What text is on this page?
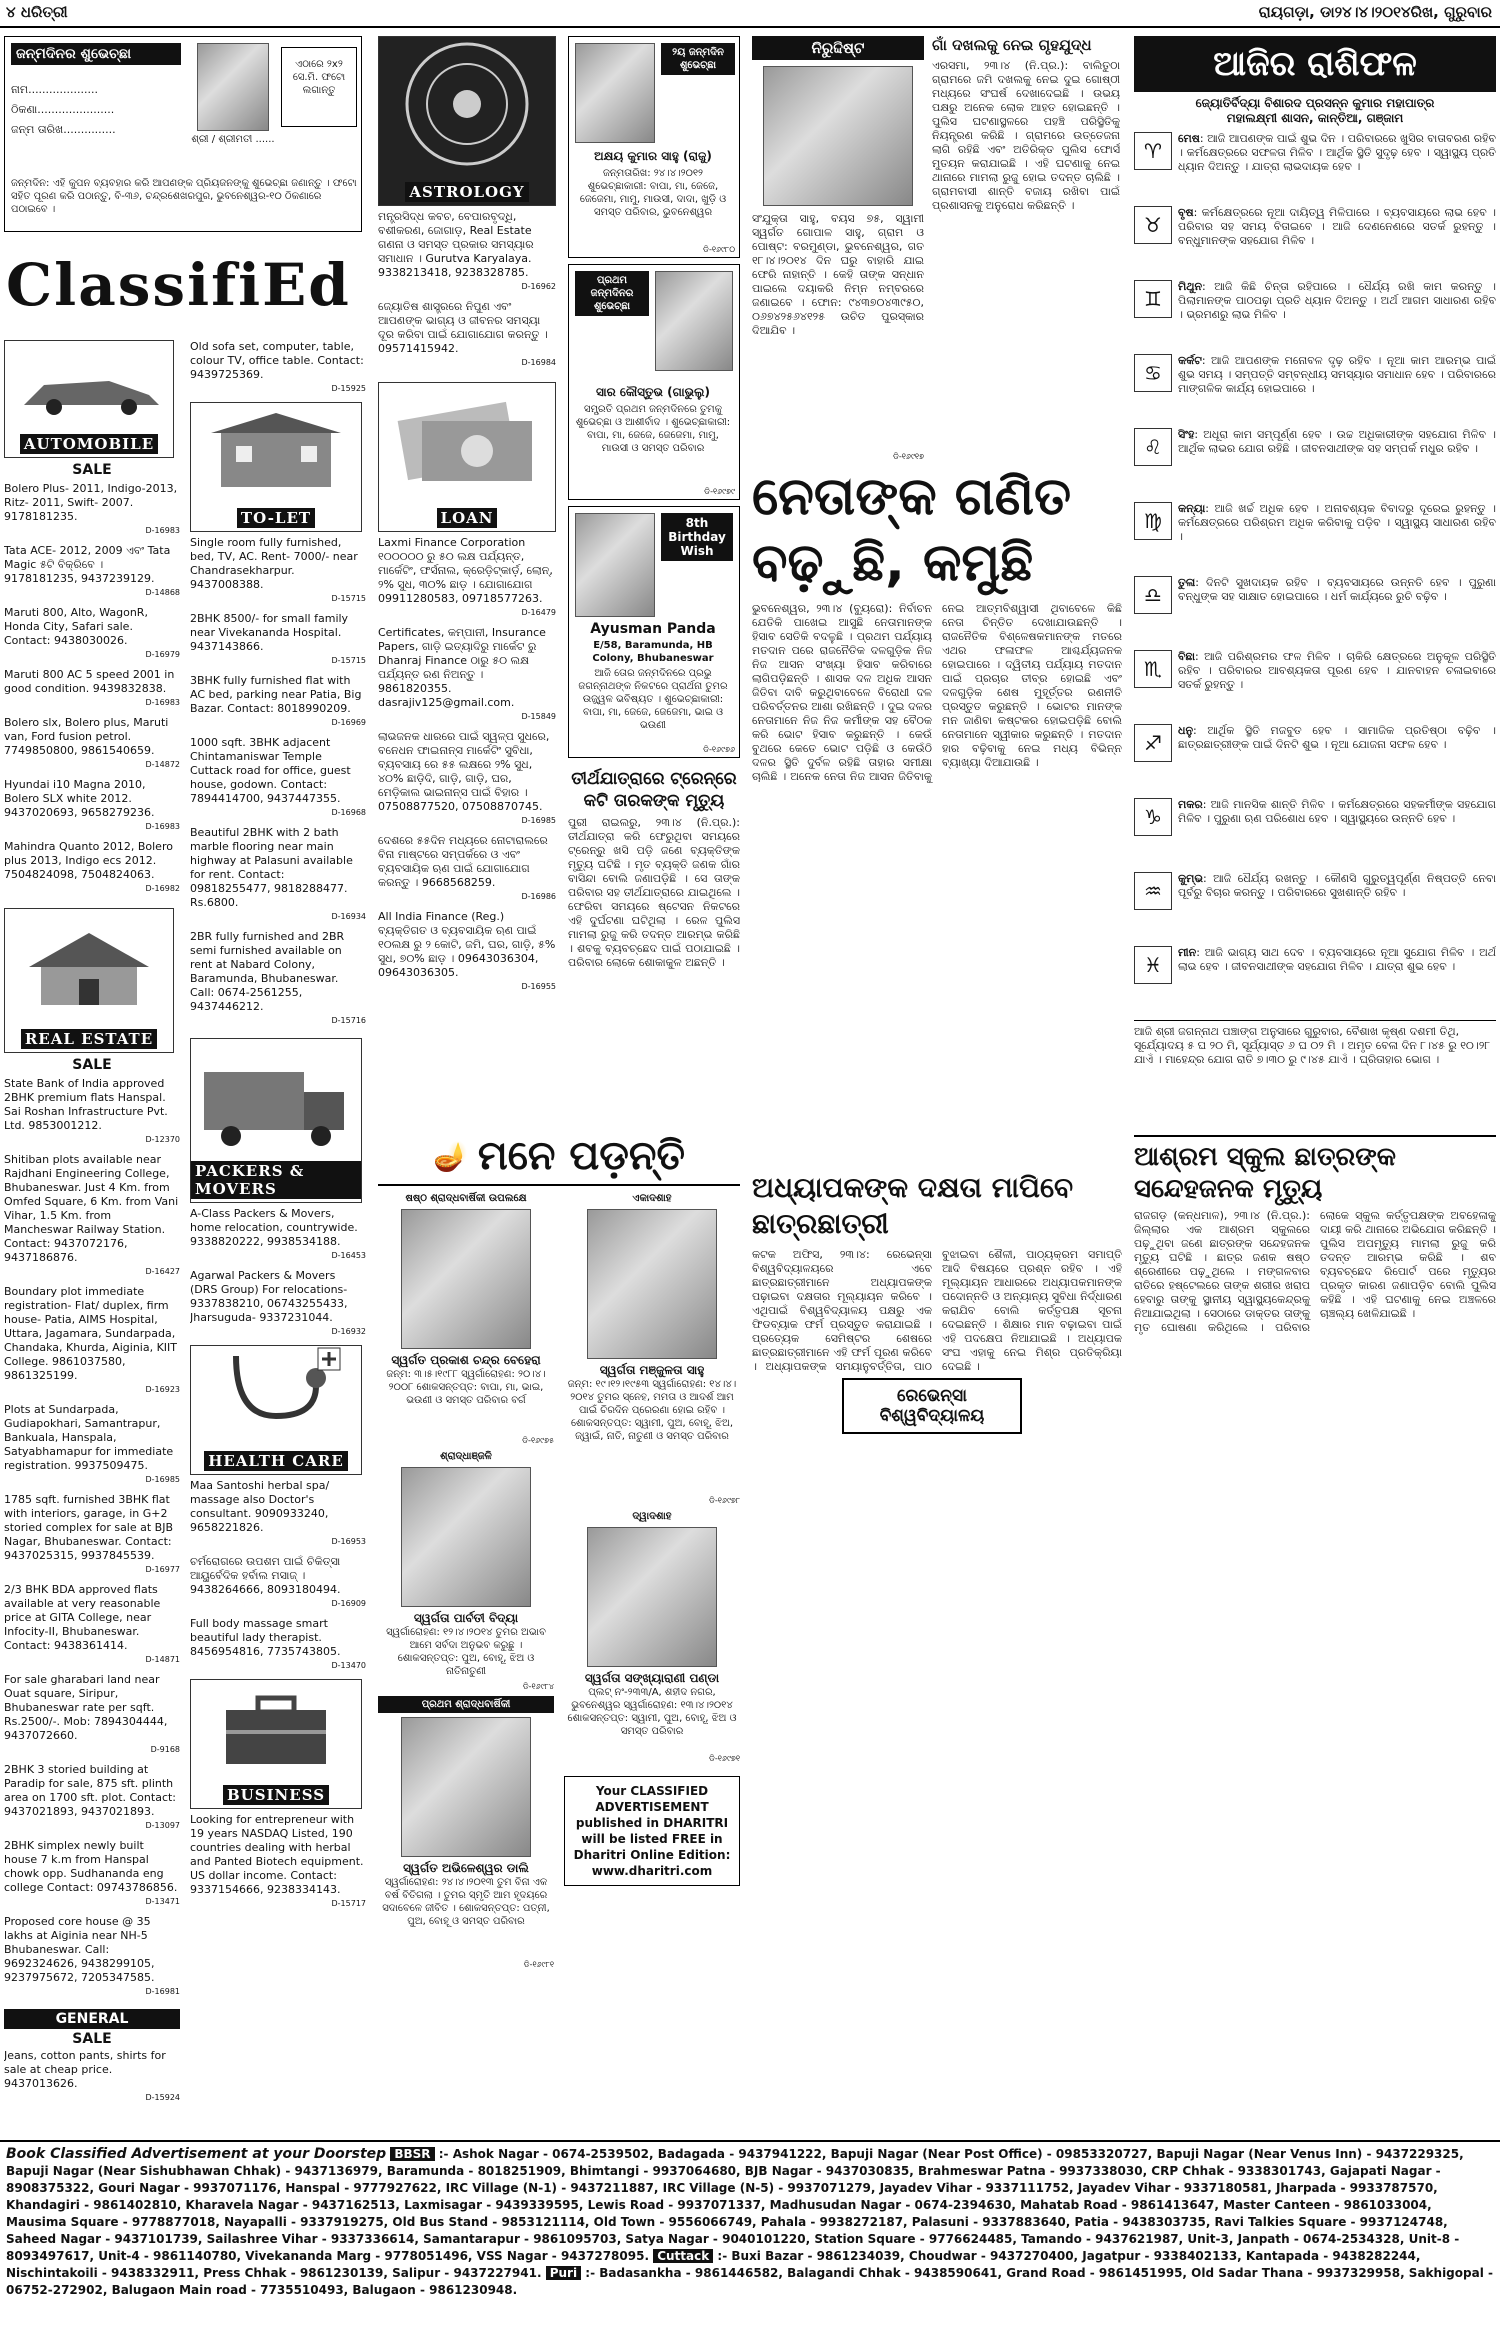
୪ ଧରିତ୍ରୀ	ରାୟଗଡ଼ା, ଡା୨୪।୪।୨୦୧୪ରିଖ, ଗୁରୁବାର
ଜନ୍ମଦିନର ଶୁଭେଚ୍ଛା
ନାମ....................
ଠିକଣା......................
ଜନ୍ମ ତାରିଖ...............
ଶ୍ରୀ / ଶ୍ରୀମତୀ ......
ଏଠାରେ ୨x୨ ସେ.ମି. ଫଟୋ ଲଗାନ୍ତୁ
ଜନ୍ମଦିନ: ଏହି କୁପନ ବ୍ୟବହାର କରି ଆପଣଙ୍କ ପ୍ରିୟଜନଙ୍କୁ ଶୁଭେଚ୍ଛା ଜଣାନ୍ତୁ । ଫଟୋ ସହିତ ପୂରଣ କରି ପଠାନ୍ତୁ, ବି-୩୬, ଚନ୍ଦ୍ରଶେଖରପୁର, ଭୁବନେଶ୍ୱର-୧୦ ଠିକଣାରେ ପଠାଇବେ ।
ClassifiEd
AUTOMOBILE
SALE

Bolero Plus- 2011, Indigo-2013, Ritz- 2011, Swift- 2007. 9178181235.

D-16983

Tata ACE- 2012, 2009 ଏବଂ Tata Magic ୫ଟି ବିକ୍ରିବେ । 9178181235, 9437239129.

D-14868

Maruti 800, Alto, WagonR, Honda City, Safari sale. Contact: 9438030026.

D-16979

Maruti 800 AC 5 speed 2001 in good condition. 9439832838.

D-16983

Bolero slx, Bolero plus, Maruti van, Ford fusion petrol. 7749850800, 9861540659.

D-14872

Hyundai i10 Magna 2010, Bolero SLX white 2012. 9437020693, 9658279236.

D-16983

Mahindra Quanto 2012, Bolero plus 2013, Indigo ecs 2012. 7504824098, 7504824063.

D-16982

REAL ESTATE
SALE

State Bank of India approved 2BHK premium flats Hanspal. Sai Roshan Infrastructure Pvt. Ltd. 9853001212.

D-12370

Shitiban plots available near Rajdhani Engineering College, Bhubaneswar. Just 4 Km. from Omfed Square, 6 Km. from Vani Vihar, 1.5 Km. from Mancheswar Railway Station. Contact: 9437072176, 9437186876.

D-16427

Boundary plot immediate registration- Flat/ duplex, firm house- Patia, AIMS Hospital, Uttara, Jagamara, Sundarpada, Chandaka, Khurda, Aiginia, KIIT College. 9861037580, 9861325199.

D-16923

Plots at Sundarpada, Gudiapokhari, Samantrapur, Bankuala, Hanspala, Satyabhamapur for immediate registration. 9937509475.

D-16985

1785 sqft. furnished 3BHK flat with interiors, garage, in G+2 storied complex for sale at BJB Nagar, Bhubaneswar. Contact: 9437025315, 9937845539.

D-16977

2/3 BHK BDA approved flats available at very reasonable price at GITA College, near Infocity-II, Bhubaneswar. Contact: 9438361414.

D-14871

For sale gharabari land near Ouat square, Siripur, Bhubaneswar rate per sqft. Rs.2500/-. Mob: 7894304444, 9437072660.

D-9168

2BHK 3 storied building at Paradip for sale, 875 sft. plinth area on 1700 sft. plot. Contact: 9437021893, 9437021893.

D-13097

2BHK simplex newly built house 7 k.m from Hanspal chowk opp. Sudhananda eng college Contact: 09743786856.

D-13471

Proposed core house @ 35 lakhs at Aiginia near NH-5 Bhubaneswar. Call: 9692324626, 9438299105, 9237975672, 7205347585.

D-16981

GENERAL
SALE

Jeans, cotton pants, shirts for sale at cheap price. 9437013626.

D-15924

Old sofa set, computer, table, colour TV, office table. Contact: 9439725369.

D-15925

TO-LET

Single room fully furnished, bed, TV, AC. Rent- 7000/- near Chandrasekharpur. 9437008388.

D-15715

2BHK 8500/- for small family near Vivekananda Hospital. 9437143866.

D-15715

3BHK fully furnished flat with AC bed, parking near Patia, Big Bazar. Contact: 8018990209.

D-16969

1000 sqft. 3BHK adjacent Chintamaniswar Temple Cuttack road for office, guest house, godown. Contact: 7894414700, 9437447355.

D-16968

Beautiful 2BHK with 2 bath marble flooring near main highway at Palasuni available for rent. Contact: 09818255477, 9818288477. Rs.6800.

D-16934

2BR fully furnished and 2BR semi furnished available on rent at Nabard Colony, Baramunda, Bhubaneswar. Call: 0674-2561255, 9437446212.

D-15716

PACKERS & MOVERS

A-Class Packers & Movers, home relocation, countrywide. 9338820222, 9938534188.

D-16453

Agarwal Packers & Movers (DRS Group) For relocations- 9337838210, 06743255433, Jharsuguda- 9337231044.

D-16932

HEALTH CARE

Maa Santoshi herbal spa/ massage also Doctor's consultant. 9090933240, 9658221826.

D-16953

ଚର୍ମରୋଗରେ ଉପଶମ ପାଇଁ ଚିକିତ୍ସା ଆୟୁର୍ବେଦିକ ହର୍ବାଲ ମସାଜ୍ । 9438264666, 8093180494.

D-16909

Full body massage smart beautiful lady therapist. 8456954816, 7735743805.

D-13470

BUSINESS

Looking for entrepreneur with 19 years NASDAQ Listed, 190 countries dealing with herbal and Panted Biotech equipment. US dollar income. Contact: 9337154666, 9238334143.

D-15717

ASTROLOGY

ମନ୍ତ୍ରସିଦ୍ଧ କବଚ, ବେପାରବୃଦ୍ଧି, ବଶୀକରଣ, ଜୋଗାଡ଼, Real Estate ଗଣନା ଓ ସମସ୍ତ ପ୍ରକାର ସମସ୍ୟାର ସମାଧାନ । Gurutva Karyalaya. 9338213418, 9238328785.

D-16962

ଜ୍ୟୋତିଷ ଶାସ୍ତ୍ରରେ ନିପୁଣ ଏବଂ ଆପଣଙ୍କ ଭାଗ୍ୟ ଓ ଜୀବନର ସମସ୍ୟା ଦୂର କରିବା ପାଇଁ ଯୋଗାଯୋଗ କରନ୍ତୁ । 09571415942.

D-16984

LOAN

Laxmi Finance Corporation ୧୦୦୦୦୦ ରୁ ୫୦ ଲକ୍ଷ ପର୍ଯ୍ୟନ୍ତ, ମାର୍କେଟିଂ, ଫର୍ସନାଲ, କ୍ରେଡ଼ିଟ୍‌କାର୍ଡ଼, ଲୋନ୍, ୨% ସୁଧ, ୩୦% ଛାଡ଼ । ଯୋଗାଯୋଗ 09911280583, 09718577263.

D-16479

Certificates, କମ୍ପାନୀ, Insurance Papers, ଗାଡ଼ି ଇତ୍ୟାଦିରୁ ମାର୍କେଟ ରୁ Dhanraj Finance ଠାରୁ ୫୦ ଲକ୍ଷ ପର୍ଯ୍ୟନ୍ତ ରଣ ନିଅନ୍ତୁ । 9861820355. dasrajiv125@gmail.com.

D-15849

ଲାଭଜନକ ଧାରରେ ପାଇଁ ସ୍ୱଳ୍ପ ସୁଧରେ, ବନେଧନ ଫାଇନାନ୍ସ ମାର୍କେଟିଂ ସୁବିଧା, ବ୍ୟବସାୟ ରେ ୫୫ ଲକ୍ଷରେ ୨% ସୁଧ, ୪୦% ଛାଡ଼ିଦି, ଗାଡ଼ି, ଗାଡ଼ି, ଘର, ମେଡ଼ିକାଲ ଭାଇନାନ୍ସ ପାଇଁ ବିହାର । 07508877520, 07508870745.

D-16985

ଦେଶରେ ୫୫ଦିନ ମଧ୍ୟରେ ନୋଟାରାଲରେ ବିନା ମାଷ୍ଟରେ ସମ୍ପର୍କରେ ଓ ଏବଂ ବ୍ୟବସାୟିକ ଋଣ ପାଇଁ ଯୋଗାଯୋଗ କରନ୍ତୁ । 9668568259.

D-16986

All India Finance (Reg.) ବ୍ୟକ୍ତିଗତ ଓ ବ୍ୟବସାୟିକ ଋଣ ପାଇଁ ୧୦ଲକ୍ଷ ରୁ ୨ କୋଟି, ଜମି, ଘର, ଗାଡ଼ି, ୫% ସୁଧ, ୭୦% ଛାଡ଼ । 09643036304, 09643036305.

D-16955

୨ୟ ଜନ୍ମଦିନ ଶୁଭେଚ୍ଛା
ଅକ୍ଷୟ କୁମାର ସାହୁ (ରାଜୁ)
ଜନ୍ମତାରିଖ: ୨୪।୪।୨୦୧୨ ଶୁଭେଚ୍ଛାକାରୀ: ବାପା, ମା, ଜେଜେ, ଜେଜେମା, ମାମୁ, ମାଉସୀ, ଦାଦା, ଖୁଡ଼ି ଓ ସମସ୍ତ ପରିବାର, ଭୁବନେଶ୍ୱର
ଡି-୧୬୯୮୦
ପ୍ରଥମ ଜନ୍ମଦିନର ଶୁଭେଚ୍ଛା
ସାର କୌସ୍ତୁଭ (ଗାଭୁଲୁ)
ସମ୍ପ୍ରତି ପ୍ରଥମ ଜନ୍ମଦିନରେ ତୁମକୁ ଶୁଭେଚ୍ଛା ଓ ଆଶୀର୍ବାଦ । ଶୁଭେଚ୍ଛାକାରୀ: ବାପା, ମା, ଜେଜେ, ଜେଜେମା, ମାମୁ, ମାଉସୀ ଓ ସମସ୍ତ ପରିବାର
ଡି-୧୬୯୭୯
8th Birthday Wish
Ayusman Panda
E/58, Baramunda, HB Colony, Bhubaneswar
ଆଜି ତୋର ଜନ୍ମଦିନରେ ପ୍ରଭୁ ଜଗନ୍ନାଥଙ୍କ ନିକଟରେ ପ୍ରାର୍ଥନା ତୁମର ଉଜ୍ଜ୍ୱଳ ଭବିଷ୍ୟତ । ଶୁଭେଚ୍ଛାକାରୀ: ବାପା, ମା, ଜେଜେ, ଜେଜେମା, ଭାଇ ଓ ଭଉଣୀ
ଡି-୧୬୯୭୬
ତୀର୍ଥଯାତ୍ରାରେ ଟ୍ରେନ୍‌ରେ କଟି ତାରକଙ୍କ ମୃତ୍ୟୁ
ପୁରୀ ରାଇଲରୁ, ୨୩।୪ (ନି.ପ୍ର.): ତୀର୍ଥଯାତ୍ରା କରି ଫେରୁଥିବା ସମୟରେ ଟ୍ରେନ୍‌ରୁ ଖସି ପଡ଼ି ଜଣେ ବ୍ୟକ୍ତିଙ୍କ ମୃତ୍ୟୁ ଘଟିଛି । ମୃତ ବ୍ୟକ୍ତି ଜଣକ ଗାଁର ବାସିନ୍ଦା ବୋଲି ଜଣାପଡ଼ିଛି । ସେ ତାଙ୍କ ପରିବାର ସହ ତୀର୍ଥଯାତ୍ରାରେ ଯାଇଥିଲେ । ଫେରିବା ସମୟରେ ଷ୍ଟେସନ ନିକଟରେ ଏହି ଦୁର୍ଘଟଣା ଘଟିଥିଲା । ରେଳ ପୁଲିସ ମାମଲା ରୁଜୁ କରି ତଦନ୍ତ ଆରମ୍ଭ କରିଛି । ଶବକୁ ବ୍ୟବଚ୍ଛେଦ ପାଇଁ ପଠାଯାଇଛି । ପରିବାର ଲୋକେ ଶୋକାକୁଳ ଅଛନ୍ତି ।
🪔 ମନେ ପଡ଼ନ୍ତି
ଷଷ୍ଠ ଶ୍ରାଦ୍ଧବାର୍ଷିକୀ ଉପଲକ୍ଷେ
ସ୍ୱର୍ଗତ ପ୍ରକାଶ ଚନ୍ଦ୍ର ବେହେରା
ଜନ୍ମ: ୩।୫।୧୯୮୮ ସ୍ୱର୍ଗାରୋହଣ: ୨୦।୪।୨୦୦୮ ଶୋକସନ୍ତପ୍ତ: ବାପା, ମା, ଭାଇ, ଭଉଣୀ ଓ ସମସ୍ତ ପରିବାର ବର୍ଗ
ଡି-୧୬୯୭୫
ଶ୍ରାଦ୍ଧାଞ୍ଜଳି
ସ୍ୱର୍ଗତା ପାର୍ବତୀ ବିଦ୍ୟା
ସ୍ୱର୍ଗାରୋହଣ: ୧୨।୪।୨୦୧୪ ତୁମର ଅଭାବ ଆମେ ସର୍ବଦା ଅନୁଭବ କରୁଛୁ । ଶୋକସନ୍ତପ୍ତ: ପୁଅ, ବୋହୂ, ଝିଅ ଓ ନାତିନାତୁଣୀ
ଡି-୧୬୯୮୪
ପ୍ରଥମ ଶ୍ରାଦ୍ଧବାର୍ଷିକୀ
ସ୍ୱର୍ଗତ ଅଭିଳେଶ୍ୱର ଡାଲି
ସ୍ୱର୍ଗାରୋହଣ: ୨୪।୪।୨୦୧୩ ତୁମ ବିନା ଏକ ବର୍ଷ ବିତିଗଲା । ତୁମର ସ୍ମୃତି ଆମ ହୃଦୟରେ ସଦାବେଳେ ଜୀବିତ । ଶୋକସନ୍ତପ୍ତ: ପତ୍ନୀ, ପୁଅ, ବୋହୂ ଓ ସମସ୍ତ ପରିବାର
ଡି-୧୬୯୮୧
ଏକାଦଶାହ
ସ୍ୱର୍ଗତା ମଞ୍ଜୁଳତା ସାହୁ
ଜନ୍ମ: ୧୯।୧୨।୧୯୫୩ ସ୍ୱର୍ଗାରୋହଣ: ୧୪।୪।୨୦୧୪ ତୁମର ସ୍ନେହ, ମମତା ଓ ଆଦର୍ଶ ଆମ ପାଇଁ ଚିରଦିନ ପ୍ରେରଣା ହୋଇ ରହିବ । ଶୋକସନ୍ତପ୍ତ: ସ୍ୱାମୀ, ପୁଅ, ବୋହୂ, ଝିଅ, ଜ୍ୱାଇଁ, ନାତି, ନାତୁଣୀ ଓ ସମସ୍ତ ପରିବାର
ଡି-୧୬୯୭୮
ଦ୍ୱାଦଶାହ
ସ୍ୱର୍ଗତା ସଙ୍ଖ୍ୟାରାଣୀ ପଣ୍ଡା
ପ୍ଲଟ୍ ନଂ-୨୩୩/A, ଶହୀଦ ନଗର, ଭୁବନେଶ୍ୱର ସ୍ୱର୍ଗାରୋହଣ: ୧୩।୪।୨୦୧୪ ଶୋକସନ୍ତପ୍ତ: ସ୍ୱାମୀ, ପୁଅ, ବୋହୂ, ଝିଅ ଓ ସମସ୍ତ ପରିବାର
ଡି-୧୬୯୭୧
Your CLASSIFIED ADVERTISEMENT published in DHARITRI will be listed FREE in Dharitri Online Edition: www.dharitri.com
ନିରୁଦ୍ଦିଷ୍ଟ
ସଂଯୁକ୍ତା ସାହୁ, ବୟସ ୭୫, ସ୍ୱାମୀ ସ୍ୱର୍ଗତ ଗୋପାଳ ସାହୁ, ଗ୍ରାମ ଓ ପୋଷ୍ଟ: ବରମୁଣ୍ଡା, ଭୁବନେଶ୍ୱର, ଗତ ୧୮।୪।୨୦୧୪ ଦିନ ଘରୁ ବାହାରି ଯାଇ ଫେରି ନାହାନ୍ତି । କେହି ତାଙ୍କ ସନ୍ଧାନ ପାଇଲେ ଦୟାକରି ନିମ୍ନ ନମ୍ବରରେ ଜଣାଇବେ । ଫୋନ: ୯୪୩୭୦୪୩୯୫୦, ୦୬୭୪୨୫୬୪୧୨୫ ଉଚିତ ପୁରସ୍କାର ଦିଆଯିବ ।
ଡି-୧୬୯୧୭
ଗାଁ ଦଖଲକୁ ନେଇ ଗୃହଯୁଦ୍ଧ
ଏରସମା, ୨୩।୪ (ନି.ପ୍ର.): ବାଲିତୁଠା ଗ୍ରାମରେ ଜମି ଦଖଲକୁ ନେଇ ଦୁଇ ଗୋଷ୍ଠୀ ମଧ୍ୟରେ ସଂଘର୍ଷ ଦେଖାଦେଇଛି । ଉଭୟ ପକ୍ଷରୁ ଅନେକ ଲୋକ ଆହତ ହୋଇଛନ୍ତି । ପୁଲିସ ଘଟଣାସ୍ଥଳରେ ପହଞ୍ଚି ପରିସ୍ଥିତିକୁ ନିୟନ୍ତ୍ରଣ କରିଛି । ଗ୍ରାମରେ ଉତ୍ତେଜନା ଲାଗି ରହିଛି ଏବଂ ଅତିରିକ୍ତ ପୁଲିସ ଫୋର୍ସ ମୁତୟନ କରାଯାଇଛି । ଏହି ଘଟଣାକୁ ନେଇ ଥାନାରେ ମାମଲା ରୁଜୁ ହୋଇ ତଦନ୍ତ ଚାଲିଛି । ଗ୍ରାମବାସୀ ଶାନ୍ତି ବଜାୟ ରଖିବା ପାଇଁ ପ୍ରଶାସନକୁ ଅନୁରୋଧ କରିଛନ୍ତି ।
ନେତାଙ୍କ ଗଣିତ ବଢ଼ୁଛି, କମୁଛି
ଭୁବନେଶ୍ୱର, ୨୩।୪ (ବ୍ୟୁରୋ): ନିର୍ବାଚନ ଯେତିକି ପାଖେଇ ଆସୁଛି ନେତାମାନଙ୍କ ହିସାବ ସେତିକି ବଦଳୁଛି । ପ୍ରଥମ ପର୍ଯ୍ୟାୟ ମତଦାନ ପରେ ରାଜନୈତିକ ଦଳଗୁଡ଼ିକ ନିଜ ନିଜ ଆସନ ସଂଖ୍ୟା ହିସାବ କରିବାରେ ଲାଗିପଡ଼ିଛନ୍ତି । ଶାସକ ଦଳ ଅଧିକ ଆସନ ଜିତିବା ଦାବି କରୁଥିବାବେଳେ ବିରୋଧୀ ଦଳ ପରିବର୍ତ୍ତନର ଆଶା ରଖିଛନ୍ତି । ଦୁଇ ଦଳର ନେତାମାନେ ନିଜ ନିଜ କର୍ମୀଙ୍କ ସହ ବୈଠକ କରି ଭୋଟ ହିସାବ କରୁଛନ୍ତି । କେଉଁ ବୁଥରେ କେତେ ଭୋଟ ପଡ଼ିଛି ଓ କେଉଁଠି ଦଳର ସ୍ଥିତି ଦୁର୍ବଳ ରହିଛି ତାହାର ସମୀକ୍ଷା ଚାଲିଛି । ଅନେକ ନେତା ନିଜ ଆସନ ଜିତିବାକୁ ନେଇ ଆତ୍ମବିଶ୍ୱାସୀ ଥିବାବେଳେ କିଛି ନେତା ଚିନ୍ତିତ ଦେଖାଯାଉଛନ୍ତି । ରାଜନୈତିକ ବିଶ୍ଳେଷକମାନଙ୍କ ମତରେ ଏଥର ଫଳାଫଳ ଆଶ୍ଚର୍ଯ୍ୟଜନକ ହୋଇପାରେ । ଦ୍ୱିତୀୟ ପର୍ଯ୍ୟାୟ ମତଦାନ ପାଇଁ ପ୍ରଚାର ତୀବ୍ର ହୋଇଛି ଏବଂ ଦଳଗୁଡ଼ିକ ଶେଷ ମୁହୂର୍ତ୍ତର ରଣନୀତି ପ୍ରସ୍ତୁତ କରୁଛନ୍ତି । ଭୋଟର ମାନଙ୍କ ମନ ଜାଣିବା କଷ୍ଟକର ହୋଇପଡ଼ିଛି ବୋଲି ନେତାମାନେ ସ୍ୱୀକାର କରୁଛନ୍ତି । ମତଦାନ ହାର ବଢ଼ିବାକୁ ନେଇ ମଧ୍ୟ ବିଭିନ୍ନ ବ୍ୟାଖ୍ୟା ଦିଆଯାଉଛି ।
ଅଧ୍ୟାପକଙ୍କ ଦକ୍ଷତା ମାପିବେ ଛାତ୍ରଛାତ୍ରୀ
କଟକ ଅଫିସ, ୨୩।୪: ରେଭେନ୍ସା ବିଶ୍ୱବିଦ୍ୟାଳୟରେ ଏବେ ଛାତ୍ରଛାତ୍ରୀମାନେ ଅଧ୍ୟାପକଙ୍କ ପଢ଼ାଇବା ଦକ୍ଷତାର ମୂଲ୍ୟାୟନ କରିବେ । ଏଥିପାଇଁ ବିଶ୍ୱବିଦ୍ୟାଳୟ ପକ୍ଷରୁ ଏକ ଫିଡବ୍ୟାକ ଫର୍ମ ପ୍ରସ୍ତୁତ କରାଯାଇଛି । ପ୍ରତ୍ୟେକ ସେମିଷ୍ଟର ଶେଷରେ ଛାତ୍ରଛାତ୍ରୀମାନେ ଏହି ଫର୍ମ ପୂରଣ କରିବେ । ଅଧ୍ୟାପକଙ୍କ ସମୟାନୁବର୍ତ୍ତିତା, ପାଠ ବୁଝାଇବା ଶୈଳୀ, ପାଠ୍ୟକ୍ରମ ସମାପ୍ତି ଆଦି ବିଷୟରେ ପ୍ରଶ୍ନ ରହିବ । ଏହି ମୂଲ୍ୟାୟନ ଆଧାରରେ ଅଧ୍ୟାପକମାନଙ୍କ ପଦୋନ୍ନତି ଓ ଅନ୍ୟାନ୍ୟ ସୁବିଧା ନିର୍ଦ୍ଧାରଣ କରାଯିବ ବୋଲି କର୍ତ୍ତୃପକ୍ଷ ସୂଚନା ଦେଇଛନ୍ତି । ଶିକ୍ଷାର ମାନ ବଢ଼ାଇବା ପାଇଁ ଏହି ପଦକ୍ଷେପ ନିଆଯାଇଛି । ଅଧ୍ୟାପକ ସଂଘ ଏହାକୁ ନେଇ ମିଶ୍ର ପ୍ରତିକ୍ରିୟା ଦେଇଛି ।
ରେଭେନ୍ସା ବିଶ୍ୱବିଦ୍ୟାଳୟ
ଆଜିର ରାଶିଫଳ
ଜ୍ୟୋତିର୍ବିଦ୍ୟା ବିଶାରଦ ପ୍ରସନ୍ନ କୁମାର ମହାପାତ୍ର
ମହାଲକ୍ଷ୍ମୀ ଶାସନ, କାନ୍ତିଆ, ଗଞ୍ଜାମ
♈
ମେଷ: ଆଜି ଆପଣଙ୍କ ପାଇଁ ଶୁଭ ଦିନ । ପରିବାରରେ ଖୁସିର ବାତାବରଣ ରହିବ । କର୍ମକ୍ଷେତ୍ରରେ ସଫଳତା ମିଳିବ । ଆର୍ଥିକ ସ୍ଥିତି ସୁଦୃଢ଼ ହେବ । ସ୍ୱାସ୍ଥ୍ୟ ପ୍ରତି ଧ୍ୟାନ ଦିଅନ୍ତୁ । ଯାତ୍ରା ଲାଭଦାୟକ ହେବ ।
♉
ବୃଷ: କର୍ମକ୍ଷେତ୍ରରେ ନୂଆ ଦାୟିତ୍ୱ ମିଳିପାରେ । ବ୍ୟବସାୟରେ ଲାଭ ହେବ । ପରିବାର ସହ ସମୟ ବିତାଇବେ । ଆଜି ଦେଣନେଣରେ ସତର୍କ ରୁହନ୍ତୁ । ବନ୍ଧୁମାନଙ୍କ ସହଯୋଗ ମିଳିବ ।
♊
ମିଥୁନ: ଆଜି କିଛି ଚିନ୍ତା ରହିପାରେ । ଧୈର୍ଯ୍ୟ ରଖି କାମ କରନ୍ତୁ । ପିଲାମାନଙ୍କ ପାଠପଢ଼ା ପ୍ରତି ଧ୍ୟାନ ଦିଅନ୍ତୁ । ଅର୍ଥ ଆଗମ ସାଧାରଣ ରହିବ । ଭ୍ରମଣରୁ ଲାଭ ମିଳିବ ।
♋
କର୍କଟ: ଆଜି ଆପଣଙ୍କ ମନୋବଳ ଦୃଢ଼ ରହିବ । ନୂଆ କାମ ଆରମ୍ଭ ପାଇଁ ଶୁଭ ସମୟ । ସମ୍ପତ୍ତି ସମ୍ବନ୍ଧୀୟ ସମସ୍ୟାର ସମାଧାନ ହେବ । ପରିବାରରେ ମାଙ୍ଗଳିକ କାର୍ଯ୍ୟ ହୋଇପାରେ ।
♌
ସିଂହ: ଅଧୂରା କାମ ସମ୍ପୂର୍ଣ୍ଣ ହେବ । ଉଚ୍ଚ ଅଧିକାରୀଙ୍କ ସହଯୋଗ ମିଳିବ । ଆର୍ଥିକ ଲାଭର ଯୋଗ ରହିଛି । ଜୀବନସାଥୀଙ୍କ ସହ ସମ୍ପର୍କ ମଧୁର ରହିବ ।
♍
କନ୍ୟା: ଆଜି ଖର୍ଚ୍ଚ ଅଧିକ ହେବ । ଅନାବଶ୍ୟକ ବିବାଦରୁ ଦୂରେଇ ରୁହନ୍ତୁ । କର୍ମକ୍ଷେତ୍ରରେ ପରିଶ୍ରମ ଅଧିକ କରିବାକୁ ପଡ଼ିବ । ସ୍ୱାସ୍ଥ୍ୟ ସାଧାରଣ ରହିବ ।
♎
ତୁଳା: ଦିନଟି ସୁଖଦାୟକ ରହିବ । ବ୍ୟବସାୟରେ ଉନ୍ନତି ହେବ । ପୁରୁଣା ବନ୍ଧୁଙ୍କ ସହ ସାକ୍ଷାତ ହୋଇପାରେ । ଧର୍ମ କାର୍ଯ୍ୟରେ ରୁଚି ବଢ଼ିବ ।
♏
ବିଛା: ଆଜି ପରିଶ୍ରମର ଫଳ ମିଳିବ । ଚାକିରି କ୍ଷେତ୍ରରେ ଅନୁକୂଳ ପରିସ୍ଥିତି ରହିବ । ପରିବାରର ଆବଶ୍ୟକତା ପୂରଣ ହେବ । ଯାନବାହନ ଚଳାଇବାରେ ସତର୍କ ରୁହନ୍ତୁ ।
♐
ଧନୁ: ଆର୍ଥିକ ସ୍ଥିତି ମଜବୁତ ହେବ । ସାମାଜିକ ପ୍ରତିଷ୍ଠା ବଢ଼ିବ । ଛାତ୍ରଛାତ୍ରୀଙ୍କ ପାଇଁ ଦିନଟି ଶୁଭ । ନୂଆ ଯୋଜନା ସଫଳ ହେବ ।
♑
ମକର: ଆଜି ମାନସିକ ଶାନ୍ତି ମିଳିବ । କର୍ମକ୍ଷେତ୍ରରେ ସହକର୍ମୀଙ୍କ ସହଯୋଗ ମିଳିବ । ପୁରୁଣା ଋଣ ପରିଶୋଧ ହେବ । ସ୍ୱାସ୍ଥ୍ୟରେ ଉନ୍ନତି ହେବ ।
♒
କୁମ୍ଭ: ଆଜି ଧୈର୍ଯ୍ୟ ରଖନ୍ତୁ । କୌଣସି ଗୁରୁତ୍ୱପୂର୍ଣ୍ଣ ନିଷ୍ପତ୍ତି ନେବା ପୂର୍ବରୁ ବିଚାର କରନ୍ତୁ । ପରିବାରରେ ସୁଖଶାନ୍ତି ରହିବ ।
♓
ମୀନ: ଆଜି ଭାଗ୍ୟ ସାଥ ଦେବ । ବ୍ୟବସାୟରେ ନୂଆ ସୁଯୋଗ ମିଳିବ । ଅର୍ଥ ଲାଭ ହେବ । ଜୀବନସାଥୀଙ୍କ ସହଯୋଗ ମିଳିବ । ଯାତ୍ରା ଶୁଭ ହେବ ।
ଆଜି ଶ୍ରୀ ଜଗନ୍ନାଥ ପଞ୍ଚାଙ୍ଗ ଅନୁସାରେ ଗୁରୁବାର, ବୈଶାଖ କୃଷ୍ଣ ଦଶମୀ ତିଥି, ସୂର୍ଯ୍ୟୋଦୟ ୫ ଘ ୨୦ ମି, ସୂର୍ଯ୍ୟାସ୍ତ ୬ ଘ ୦୨ ମି । ଅମୃତ ବେଳା ଦିନ ୮।୪୫ ରୁ ୧୦।୨୮ ଯାଏଁ । ମାହେନ୍ଦ୍ର ଯୋଗ ରାତି ୭।୩୦ ରୁ ୯।୪୫ ଯାଏଁ । ଘ୍ରିତାହାର ଭୋଗ ।
ଆଶ୍ରମ ସ୍କୁଲ ଛାତ୍ରଙ୍କ ସନ୍ଦେହଜନକ ମୃତ୍ୟୁ
ରାଜଗଡ଼ (କନ୍ଧମାଳ), ୨୩।୪ (ନି.ପ୍ର.): ଜିଲ୍ଲାର ଏକ ଆଶ୍ରମ ସ୍କୁଲରେ ପଢ଼ୁଥିବା ଜଣେ ଛାତ୍ରଙ୍କ ସନ୍ଦେହଜନକ ମୃତ୍ୟୁ ଘଟିଛି । ଛାତ୍ର ଜଣକ ଷଷ୍ଠ ଶ୍ରେଣୀରେ ପଢ଼ୁଥିଲେ । ମଙ୍ଗଳବାର ରାତିରେ ହଷ୍ଟେଲରେ ତାଙ୍କ ଶରୀର ଖରାପ ହେବାରୁ ତାଙ୍କୁ ସ୍ଥାନୀୟ ସ୍ୱାସ୍ଥ୍ୟକେନ୍ଦ୍ରକୁ ନିଆଯାଇଥିଲା । ସେଠାରେ ଡାକ୍ତର ତାଙ୍କୁ ମୃତ ଘୋଷଣା କରିଥିଲେ । ପରିବାର ଲୋକେ ସ୍କୁଲ କର୍ତ୍ତୃପକ୍ଷଙ୍କ ଅବହେଳାକୁ ଦାୟୀ କରି ଥାନାରେ ଅଭିଯୋଗ କରିଛନ୍ତି । ପୁଲିସ ଅପମୃତ୍ୟୁ ମାମଲା ରୁଜୁ କରି ତଦନ୍ତ ଆରମ୍ଭ କରିଛି । ଶବ ବ୍ୟବଚ୍ଛେଦ ରିପୋର୍ଟ ପରେ ମୃତ୍ୟୁର ପ୍ରକୃତ କାରଣ ଜଣାପଡ଼ିବ ବୋଲି ପୁଲିସ କହିଛି । ଏହି ଘଟଣାକୁ ନେଇ ଅଞ୍ଚଳରେ ଚାଞ୍ଚଲ୍ୟ ଖେଳିଯାଇଛି ।
Book Classified Advertisement at your Doorstep BBSR :- Ashok Nagar - 0674-2539502, Badagada - 9437941222, Bapuji Nagar (Near Post Office) - 09853320727, Bapuji Nagar (Near Venus Inn) - 9437229325, Bapuji Nagar (Near Sishubhawan Chhak) - 9437136979, Baramunda - 8018251909, Bhimtangi - 9937064680, BJB Nagar - 9437030835, Brahmeswar Patna - 9937338030, CRP Chhak - 9338301743, Gajapati Nagar - 8908375322, Gouri Nagar - 9937071176, Hanspal - 9777927622, IRC Village (N-1) - 9437211887, IRC Village (N-5) - 9937071279, Jayadev Vihar - 9337111752, Jayadev Vihar - 9337180581, Jharpada - 9933787570, Khandagiri - 9861402810, Kharavela Nagar - 9437162513, Laxmisagar - 9439339595, Lewis Road - 9937071337, Madhusudan Nagar - 0674-2394630, Mahatab Road - 9861413647, Master Canteen - 9861033004, Mausima Square - 9778877018, Nayapalli - 9337919275, Old Bus Stand - 9853121114, Old Town - 9556066749, Pahala - 9938272187, Palasuni - 9337883640, Patia - 9438303735, Ravi Talkies Square - 9937124748, Saheed Nagar - 9437101739, Sailashree Vihar - 9337336614, Samantarapur - 9861095703, Satya Nagar - 9040101220, Station Square - 9776624485, Tamando - 9437621987, Unit-3, Janpath - 0674-2534328, Unit-8 - 8093497617, Unit-4 - 9861140780, Vivekananda Marg - 9778051496, VSS Nagar - 9437278095. Cuttack :- Buxi Bazar - 9861234039, Choudwar - 9437270400, Jagatpur - 9338402133, Kantapada - 9438282244, Nischintakoili - 9438332911, Press Chhak - 9861230139, Salipur - 9437227941. Puri :- Badasankha - 9861446582, Balagandi Chhak - 9438590641, Grand Road - 9861451995, Old Sadar Thana - 9937329958, Sakhigopal - 06752-272902, Balugaon Main road - 7735510493, Balugaon - 9861230948.
